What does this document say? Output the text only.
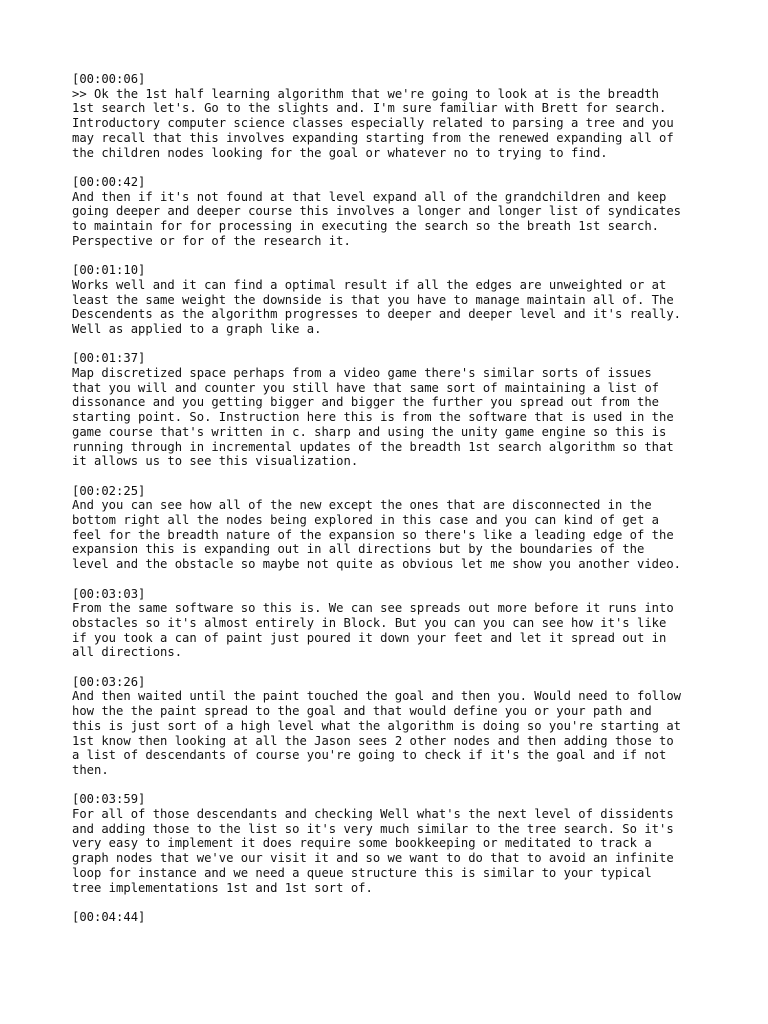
[00:00:06]
>> Ok the 1st half learning algorithm that we're going to look at is the breadth
1st search let's. Go to the slights and. I'm sure familiar with Brett for search.
Introductory computer science classes especially related to parsing a tree and you
may recall that this involves expanding starting from the renewed expanding all of
the children nodes looking for the goal or whatever no to trying to find.
[00:00:42]
And then if it's not found at that level expand all of the grandchildren and keep
going deeper and deeper course this involves a longer and longer list of syndicates
to maintain for for processing in executing the search so the breath 1st search.
Perspective or for of the research it.
[00:01:10]
Works well and it can find a optimal result if all the edges are unweighted or at
least the same weight the downside is that you have to manage maintain all of. The
Descendents as the algorithm progresses to deeper and deeper level and it's really.
Well as applied to a graph like a.
[00:01:37]
Map discretized space perhaps from a video game there's similar sorts of issues
that you will and counter you still have that same sort of maintaining a list of
dissonance and you getting bigger and bigger the further you spread out from the
starting point. So. Instruction here this is from the software that is used in the
game course that's written in c. sharp and using the unity game engine so this is
running through in incremental updates of the breadth 1st search algorithm so that
it allows us to see this visualization.
[00:02:25]
And you can see how all of the new except the ones that are disconnected in the
bottom right all the nodes being explored in this case and you can kind of get a
feel for the breadth nature of the expansion so there's like a leading edge of the
expansion this is expanding out in all directions but by the boundaries of the
level and the obstacle so maybe not quite as obvious let me show you another video.
[00:03:03]
From the same software so this is. We can see spreads out more before it runs into
obstacles so it's almost entirely in Block. But you can you can see how it's like
if you took a can of paint just poured it down your feet and let it spread out in
all directions.
[00:03:26]
And then waited until the paint touched the goal and then you. Would need to follow
how the the paint spread to the goal and that would define you or your path and
this is just sort of a high level what the algorithm is doing so you're starting at
1st know then looking at all the Jason sees 2 other nodes and then adding those to
a list of descendants of course you're going to check if it's the goal and if not
then.
[00:03:59]
For all of those descendants and checking Well what's the next level of dissidents
and adding those to the list so it's very much similar to the tree search. So it's
very easy to implement it does require some bookkeeping or meditated to track a
graph nodes that we've our visit it and so we want to do that to avoid an infinite
loop for instance and we need a queue structure this is similar to your typical
tree implementations 1st and 1st sort of.
[00:04:44]
